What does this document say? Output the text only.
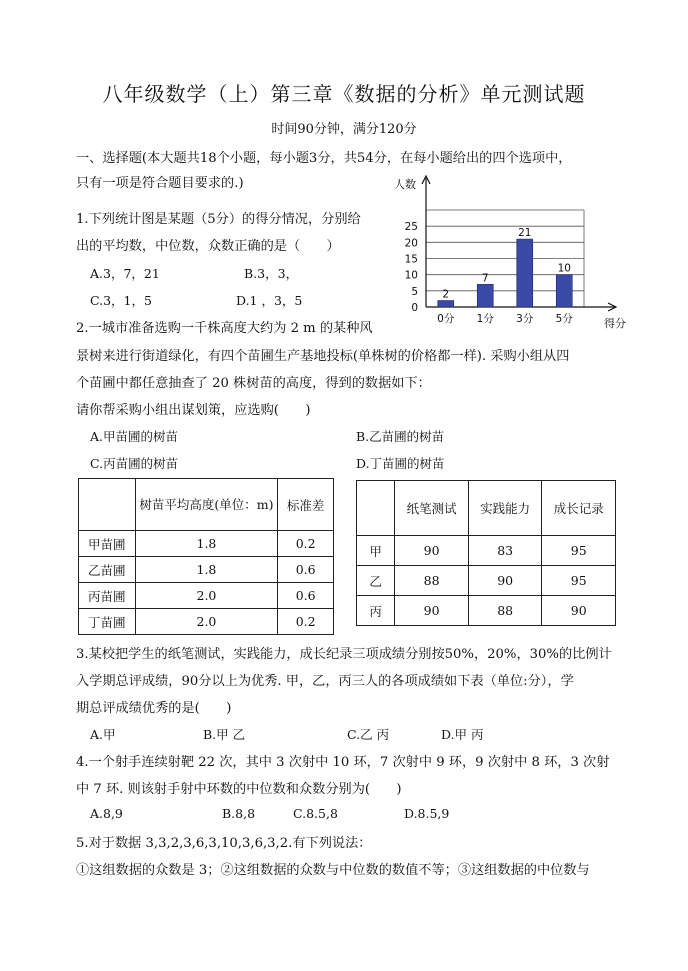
八年级数学（上）第三章《数据的分析》单元测试题
时间90分钟，满分120分
一、选择题(本大题共18个小题，每小题3分，共54分，在每小题给出的四个选项中，
只有一项是符合题目要求的.)	人数
得分
0
5
10
15
20
25
2
0分
7
1分
21
3分
10
5分
1.下列统计图是某题（5分）的得分情况，分别给
出的平均数，中位数，众数正确的是（　　）
A.3，7，21	B.3，3，
C.3，1，5	D.1 ，3，5
2.一城市准备选购一千株高度大约为 2 m 的某种风
景树来进行街道绿化，有四个苗圃生产基地投标(单株树的价格都一样). 采购小组从四
个苗圃中都任意抽查了 20 株树苗的高度，得到的数据如下：
请你帮采购小组出谋划策，应选购(　　)
A.甲苗圃的树苗	B.乙苗圃的树苗
C.丙苗圃的树苗	D.丁苗圃的树苗
	树苗平均高度(单位：m)	标准差
甲苗圃	1.8	0.2
乙苗圃	1.8	0.6
丙苗圃	2.0	0.6
丁苗圃	2.0	0.2
	纸笔测试	实践能力	成长记录
甲	90	83	95
乙	88	90	95
丙	90	88	90
3.某校把学生的纸笔测试，实践能力，成长纪录三项成绩分别按50%，20%，30%的比例计
入学期总评成绩，90分以上为优秀. 甲，乙，丙三人的各项成绩如下表（单位:分），学
期总评成绩优秀的是(　　)
A.甲	B.甲 乙	C.乙 丙	D.甲 丙
4.一个射手连续射靶 22 次，其中 3 次射中 10 环，7 次射中 9 环，9 次射中 8 环，3 次射
中 7 环. 则该射手射中环数的中位数和众数分别为(　　)
A.8,9	B.8,8	C.8.5,8	D.8.5,9
5.对于数据 3,3,2,3,6,3,10,3,6,3,2.有下列说法：
①这组数据的众数是 3；②这组数据的众数与中位数的数值不等；③这组数据的中位数与
